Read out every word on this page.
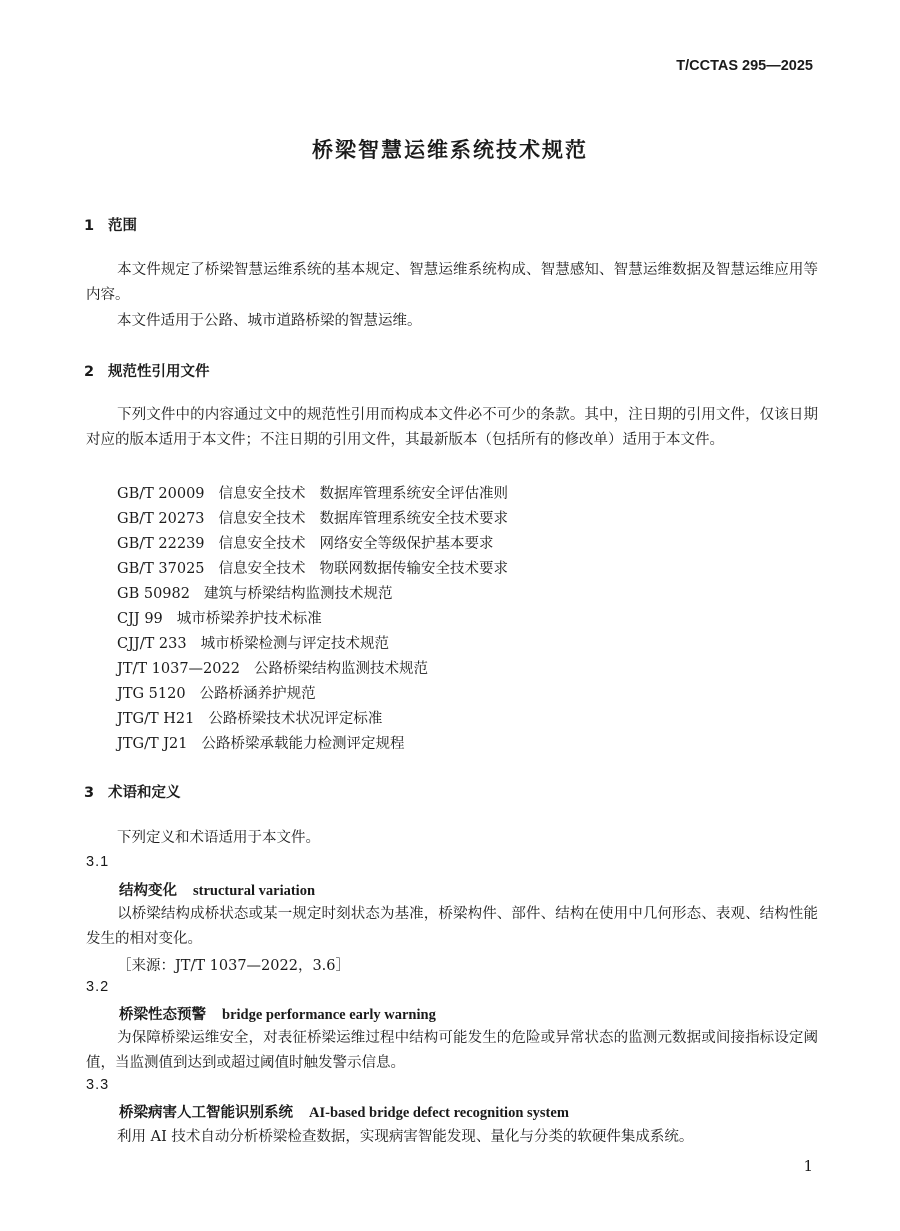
T/CCTAS 295—2025
桥梁智慧运维系统技术规范
1 范围
本文件规定了桥梁智慧运维系统的基本规定、智慧运维系统构成、智慧感知、智慧运维数据及智慧运维应用等内容。
本文件适用于公路、城市道路桥梁的智慧运维。
2 规范性引用文件
下列文件中的内容通过文中的规范性引用而构成本文件必不可少的条款。其中，注日期的引用文件，仅该日期对应的版本适用于本文件；不注日期的引用文件，其最新版本（包括所有的修改单）适用于本文件。
GB/T 20009 信息安全技术 数据库管理系统安全评估准则
GB/T 20273 信息安全技术 数据库管理系统安全技术要求
GB/T 22239 信息安全技术 网络安全等级保护基本要求
GB/T 37025 信息安全技术 物联网数据传输安全技术要求
GB 50982 建筑与桥梁结构监测技术规范
CJJ 99 城市桥梁养护技术标准
CJJ/T 233 城市桥梁检测与评定技术规范
JT/T 1037—2022 公路桥梁结构监测技术规范
JTG 5120 公路桥涵养护规范
JTG/T H21 公路桥梁技术状况评定标准
JTG/T J21 公路桥梁承载能力检测评定规程
3 术语和定义
下列定义和术语适用于本文件。
3.1
结构变化 structural variation
以桥梁结构成桥状态或某一规定时刻状态为基准，桥梁构件、部件、结构在使用中几何形态、表观、结构性能发生的相对变化。
［来源：JT/T 1037—2022，3.6］
3.2
桥梁性态预警 bridge performance early warning
为保障桥梁运维安全，对表征桥梁运维过程中结构可能发生的危险或异常状态的监测元数据或间接指标设定阈值，当监测值到达到或超过阈值时触发警示信息。
3.3
桥梁病害人工智能识别系统 AI-based bridge defect recognition system
利用 AI 技术自动分析桥梁检查数据，实现病害智能发现、量化与分类的软硬件集成系统。
1
